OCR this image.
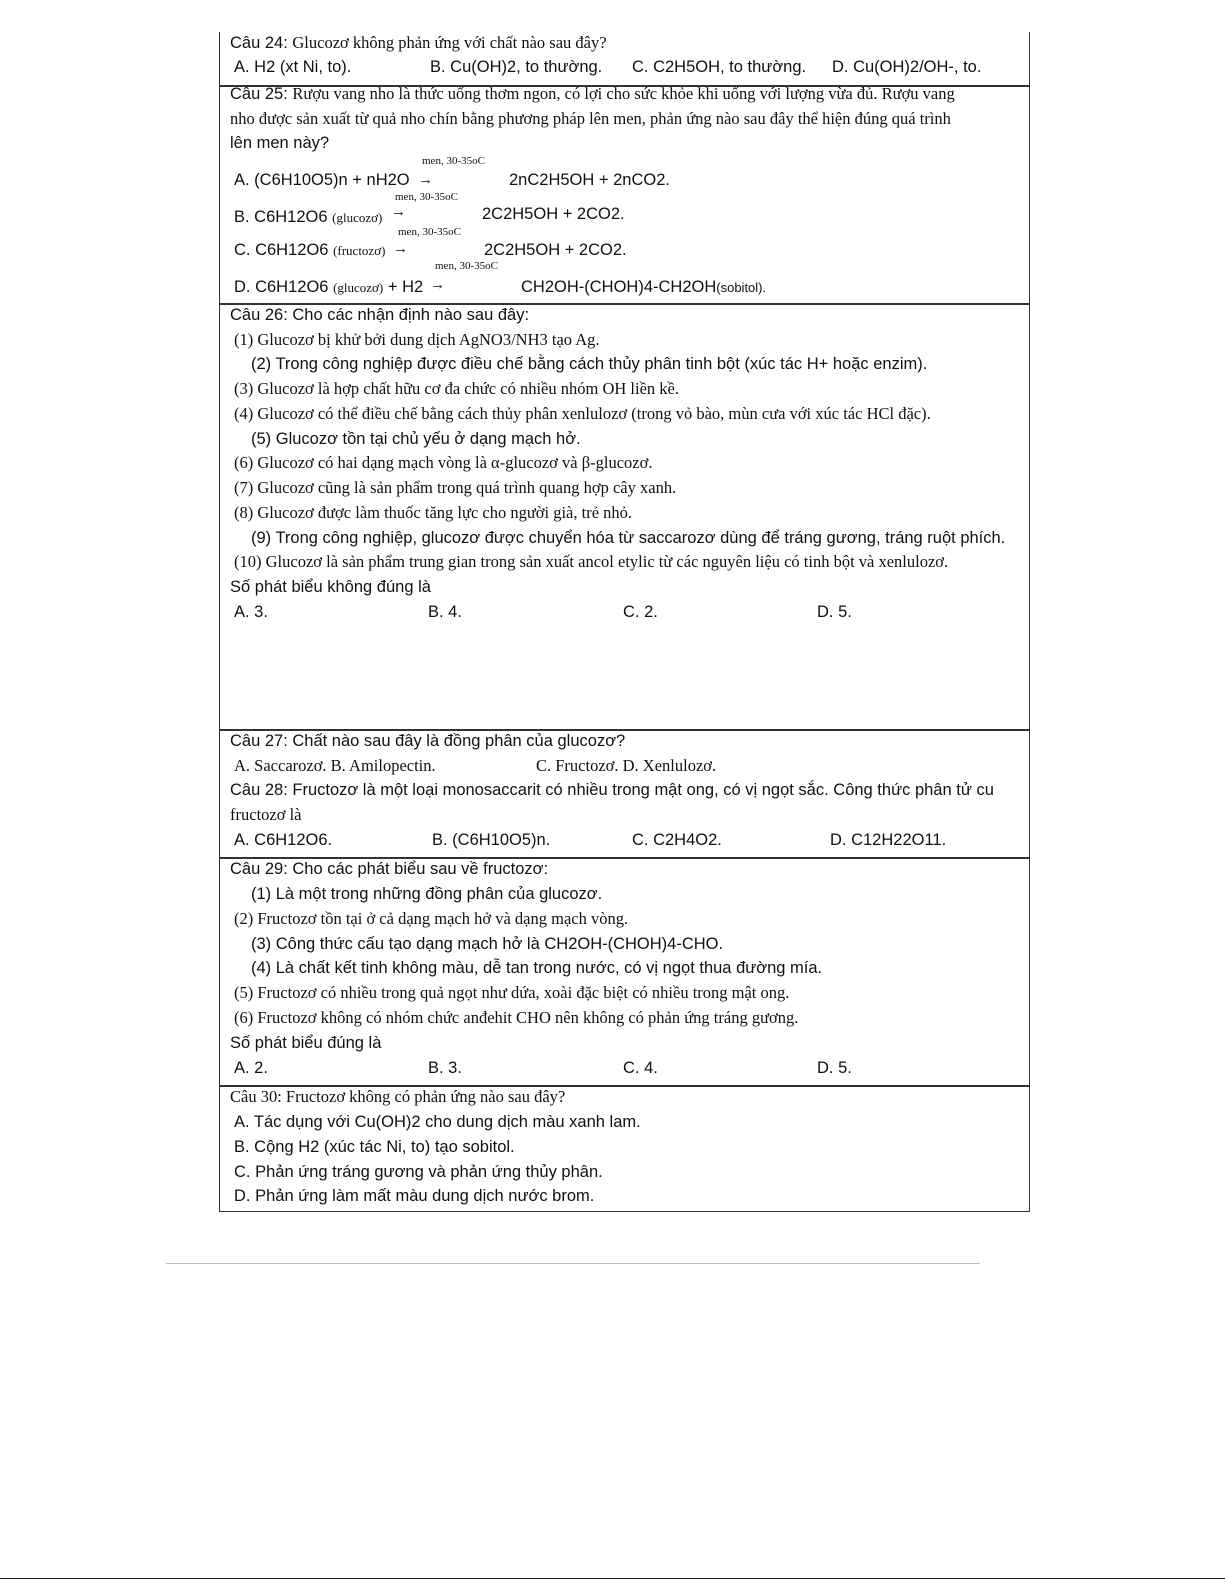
Câu 24: Glucozơ không phản ứng với chất nào sau đây?
A. H2 (xt Ni, to).	B. Cu(OH)2, to thường. C. C2H5OH, to thường. D. Cu(OH)2/OH-, to.
Câu 25: Rượu vang nho là thức uống thơm ngon, có lợi cho sức khỏe khi uống với lượng vừa đủ. Rượu vang
nho được sản xuất từ quả nho chín bằng phương pháp lên men, phản ứng nào sau đây thể hiện đúng quá trình
lên men này?
men, 30-35oC
A. (C6H10O5)n + nH2O →	2nC2H5OH + 2nCO2.
men, 30-35oC
B. C6H12O6 (glucozơ) →	2C2H5OH + 2CO2.
men, 30-35oC
C. C6H12O6 (fructozơ) →	2C2H5OH + 2CO2.
men, 30-35oC
D. C6H12O6 (glucozơ) + H2 →	CH2OH-(CHOH)4-CH2OH(sobitol).
Câu 26: Cho các nhận định nào sau đây:
(1) Glucozơ bị khử bởi dung dịch AgNO3/NH3 tạo Ag.
(2) Trong công nghiệp được điều chế bằng cách thủy phân tinh bột (xúc tác H+ hoặc enzim).
(3) Glucozơ là hợp chất hữu cơ đa chức có nhiều nhóm OH liền kề.
(4) Glucozơ có thể điều chế bằng cách thủy phân xenlulozơ (trong vỏ bào, mùn cưa với xúc tác HCl đặc).
(5) Glucozơ tồn tại chủ yếu ở dạng mạch hở.
(6) Glucozơ có hai dạng mạch vòng là α-glucozơ và β-glucozơ.
(7) Glucozơ cũng là sản phẩm trong quá trình quang hợp cây xanh.
(8) Glucozơ được làm thuốc tăng lực cho người già, trẻ nhỏ.
(9) Trong công nghiệp, glucozơ được chuyển hóa từ saccarozơ dùng để tráng gương, tráng ruột phích.
(10) Glucozơ là sản phẩm trung gian trong sản xuất ancol etylic từ các nguyên liệu có tinh bột và xenlulozơ.
Số phát biểu không đúng là
A. 3.	B. 4.	C. 2.	D. 5.
Câu 27: Chất nào sau đây là đồng phân của glucozơ?
A. Saccarozơ. B. Amilopectin.	C. Fructozơ. D. Xenlulozơ.
Câu 28: Fructozơ là một loại monosaccarit có nhiều trong mật ong, có vị ngọt sắc. Công thức phân tử cu
fructozơ là
A. C6H12O6.	B. (C6H10O5)n.	C. C2H4O2.	D. C12H22O11.
Câu 29: Cho các phát biểu sau về fructozơ:
(1) Là một trong những đồng phân của glucozơ.
(2) Fructozơ tồn tại ở cả dạng mạch hở và dạng mạch vòng.
(3) Công thức cấu tạo dạng mạch hở là CH2OH-(CHOH)4-CHO.
(4) Là chất kết tinh không màu, dễ tan trong nước, có vị ngọt thua đường mía.
(5) Fructozơ có nhiều trong quả ngọt như dứa, xoài đặc biệt có nhiều trong mật ong.
(6) Fructozơ không có nhóm chức anđehit CHO nên không có phản ứng tráng gương.
Số phát biểu đúng là
A. 2.	B. 3.	C. 4.	D. 5.
Câu 30: Fructozơ không có phản ứng nào sau đây?
A. Tác dụng với Cu(OH)2 cho dung dịch màu xanh lam.
B. Cộng H2 (xúc tác Ni, to) tạo sobitol.
C. Phản ứng tráng gương và phản ứng thủy phân.
D. Phản ứng làm mất màu dung dịch nước brom.
